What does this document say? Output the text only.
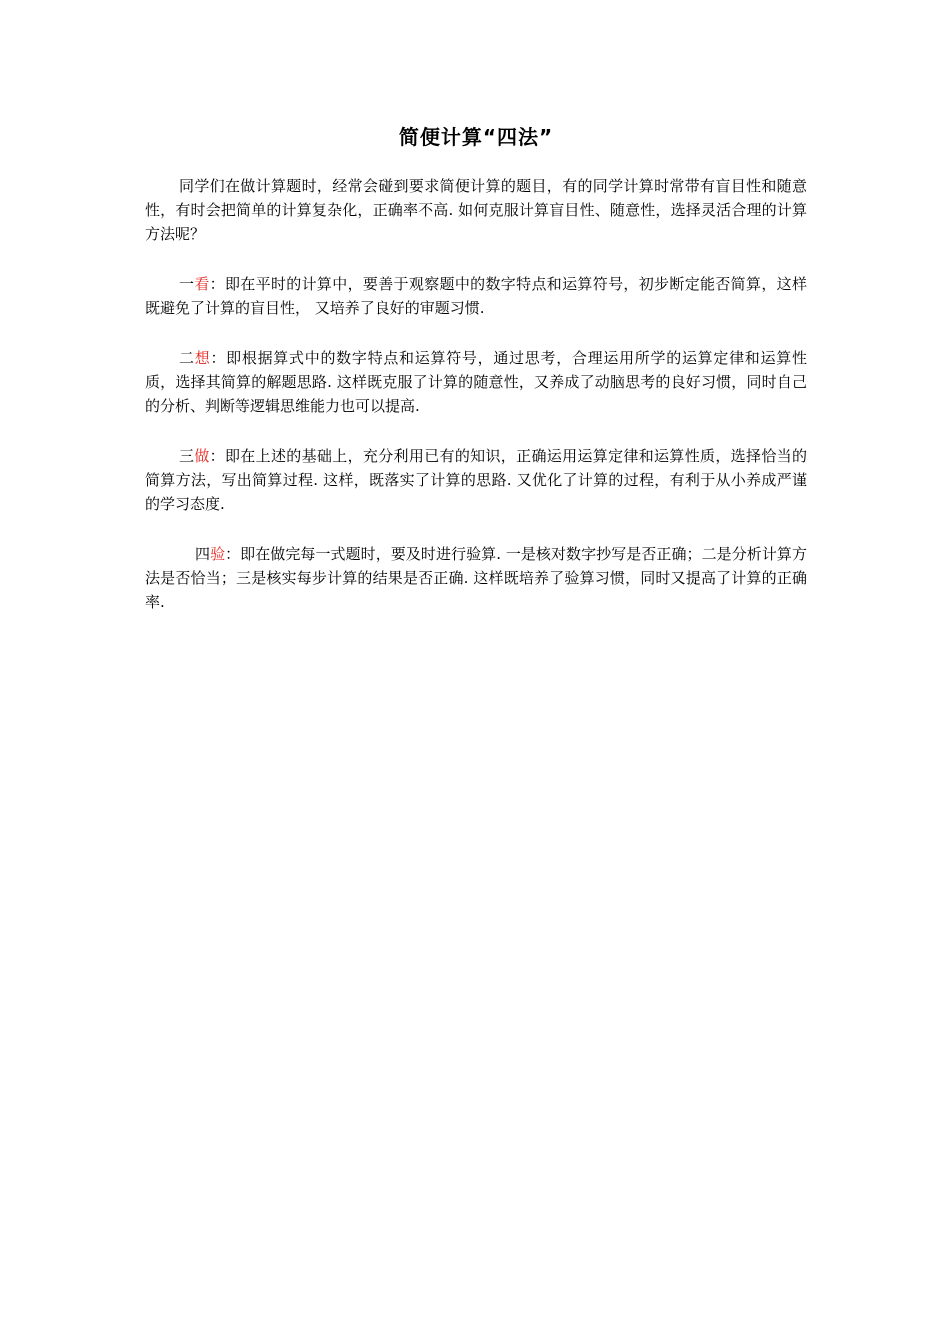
简便计算“四法”

同学们在做计算题时，经常会碰到要求简便计算的题目，有的同学计算时常带有盲目性和随意性，有时会把简单的计算复杂化，正确率不高. 如何克服计算盲目性、随意性，选择灵活合理的计算方法呢？

一看：即在平时的计算中，要善于观察题中的数字特点和运算符号，初步断定能否简算，这样既避免了计算的盲目性， 又培养了良好的审题习惯.

二想：即根据算式中的数字特点和运算符号，通过思考，合理运用所学的运算定律和运算性质，选择其简算的解题思路. 这样既克服了计算的随意性，又养成了动脑思考的良好习惯，同时自己的分析、判断等逻辑思维能力也可以提高.

三做：即在上述的基础上，充分利用已有的知识，正确运用运算定律和运算性质，选择恰当的简算方法，写出简算过程. 这样，既落实了计算的思路. 又优化了计算的过程，有利于从小养成严谨的学习态度.

四验：即在做完每一式题时，要及时进行验算. 一是核对数字抄写是否正确；二是分析计算方法是否恰当；三是核实每步计算的结果是否正确. 这样既培养了验算习惯，同时又提高了计算的正确率.
